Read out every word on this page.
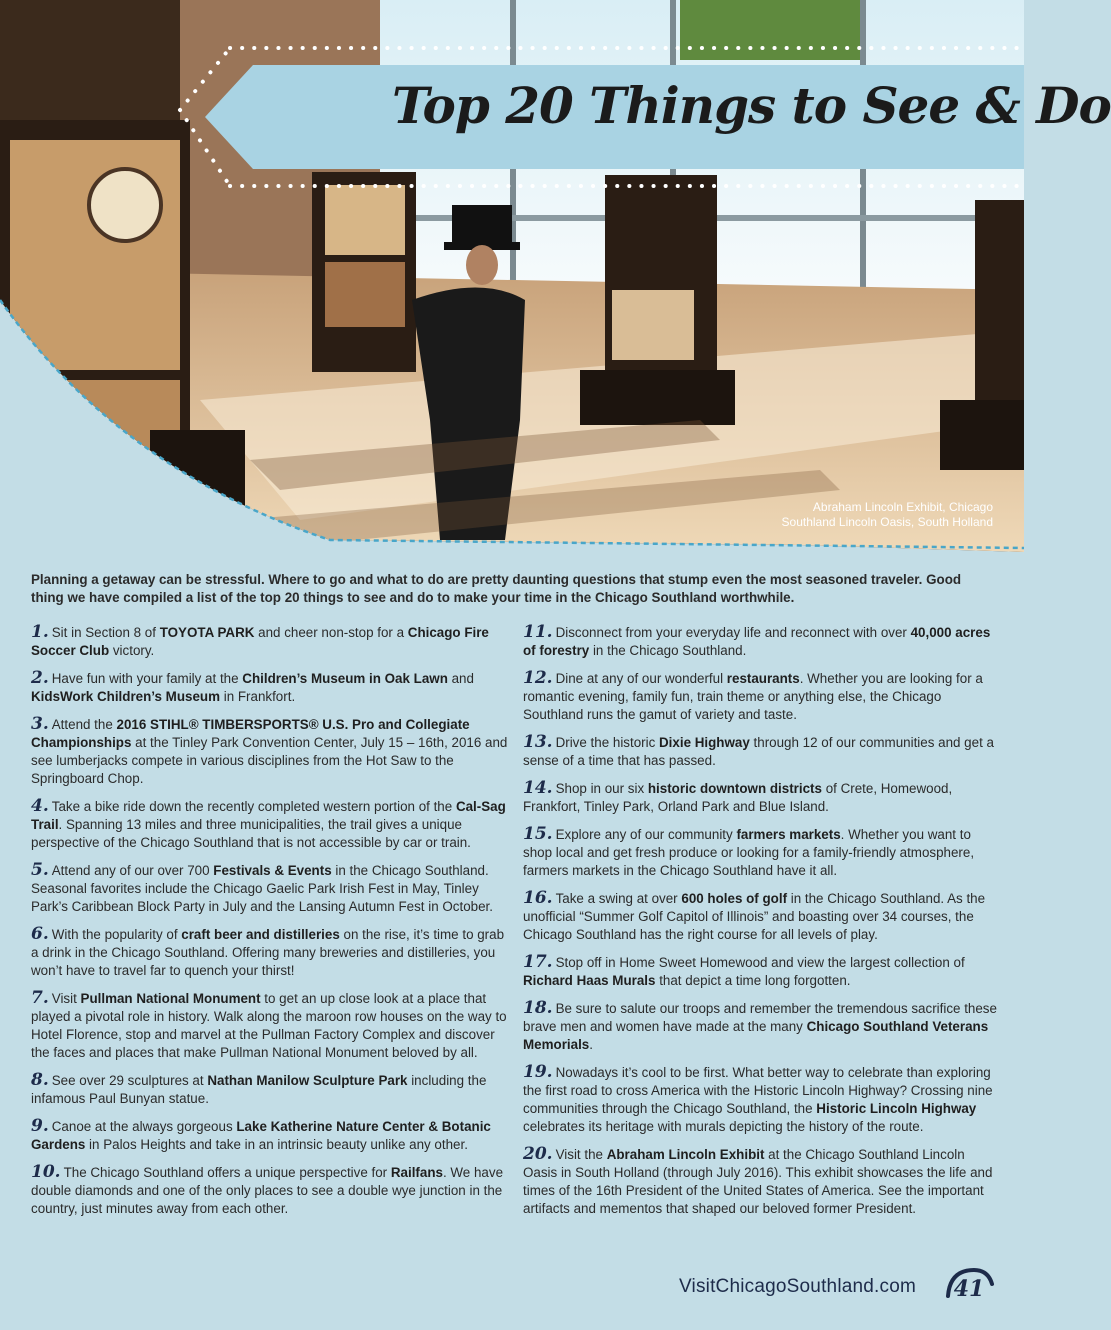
Top 20 Things to See & Do
Abraham Lincoln Exhibit, Chicago
Southland Lincoln Oasis, South Holland
Planning a getaway can be stressful. Where to go and what to do are pretty daunting questions that stump even the most seasoned traveler. Good thing we have compiled a list of the top 20 things to see and do to make your time in the Chicago Southland worthwhile.
1. Sit in Section 8 of TOYOTA PARK and cheer non-stop for a Chicago Fire Soccer Club victory.
2. Have fun with your family at the Children’s Museum in Oak Lawn and KidsWork Children’s Museum in Frankfort.
3. Attend the 2016 STIHL® TIMBERSPORTS® U.S. Pro and Collegiate Championships at the Tinley Park Convention Center, July 15 – 16th, 2016 and see lumberjacks compete in various disciplines from the Hot Saw to the Springboard Chop.
4. Take a bike ride down the recently completed western portion of the Cal-Sag Trail. Spanning 13 miles and three municipalities, the trail gives a unique perspective of the Chicago Southland that is not accessible by car or train.
5. Attend any of our over 700 Festivals & Events in the Chicago Southland. Seasonal favorites include the Chicago Gaelic Park Irish Fest in May, Tinley Park’s Caribbean Block Party in July and the Lansing Autumn Fest in October.
6. With the popularity of craft beer and distilleries on the rise, it’s time to grab a drink in the Chicago Southland. Offering many breweries and distilleries, you won’t have to travel far to quench your thirst!
7. Visit Pullman National Monument to get an up close look at a place that played a pivotal role in history. Walk along the maroon row houses on the way to Hotel Florence, stop and marvel at the Pullman Factory Complex and discover the faces and places that make Pullman National Monument beloved by all.
8. See over 29 sculptures at Nathan Manilow Sculpture Park including the infamous Paul Bunyan statue.
9. Canoe at the always gorgeous Lake Katherine Nature Center & Botanic Gardens in Palos Heights and take in an intrinsic beauty unlike any other.
10. The Chicago Southland offers a unique perspective for Railfans. We have double diamonds and one of the only places to see a double wye junction in the country, just minutes away from each other.
11. Disconnect from your everyday life and reconnect with over 40,000 acres of forestry in the Chicago Southland.
12. Dine at any of our wonderful restaurants. Whether you are looking for a romantic evening, family fun, train theme or anything else, the Chicago Southland runs the gamut of variety and taste.
13. Drive the historic Dixie Highway through 12 of our communities and get a sense of a time that has passed.
14. Shop in our six historic downtown districts of Crete, Homewood, Frankfort, Tinley Park, Orland Park and Blue Island.
15. Explore any of our community farmers markets. Whether you want to shop local and get fresh produce or looking for a family-friendly atmosphere, farmers markets in the Chicago Southland have it all.
16. Take a swing at over 600 holes of golf in the Chicago Southland. As the unofficial “Summer Golf Capitol of Illinois” and boasting over 34 courses, the Chicago Southland has the right course for all levels of play.
17. Stop off in Home Sweet Homewood and view the largest collection of Richard Haas Murals that depict a time long forgotten.
18. Be sure to salute our troops and remember the tremendous sacrifice these brave men and women have made at the many Chicago Southland Veterans Memorials.
19. Nowadays it’s cool to be first. What better way to celebrate than exploring the first road to cross America with the Historic Lincoln Highway? Crossing nine communities through the Chicago Southland, the Historic Lincoln Highway celebrates its heritage with murals depicting the history of the route.
20. Visit the Abraham Lincoln Exhibit at the Chicago Southland Lincoln Oasis in South Holland (through July 2016). This exhibit showcases the life and times of the 16th President of the United States of America. See the important artifacts and mementos that shaped our beloved former President.
VisitChicagoSouthland.com	41
